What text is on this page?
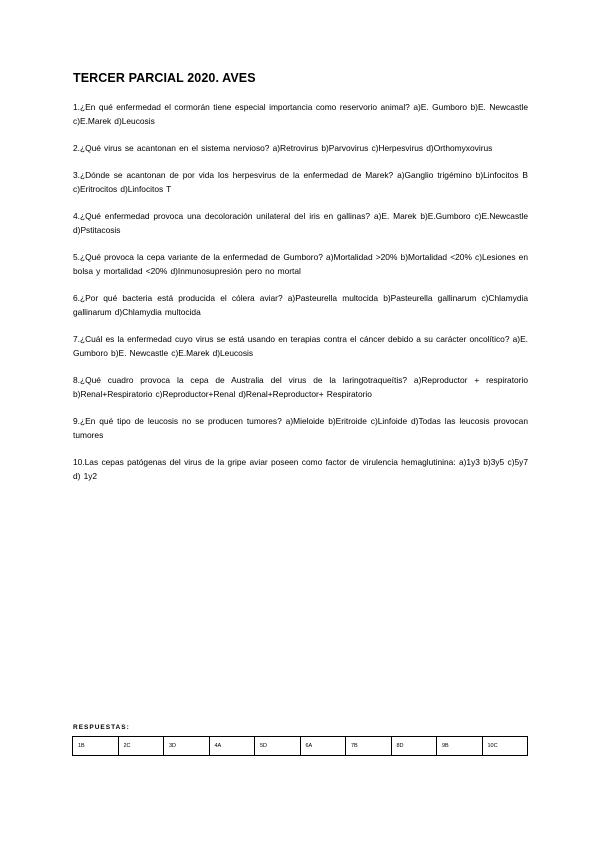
TERCER PARCIAL 2020. AVES

1.¿En qué enfermedad el cormorán tiene especial importancia como reservorio animal? a)E. Gumboro b)E. Newcastle c)E.Marek d)Leucosis

2.¿Qué virus se acantonan en el sistema nervioso? a)Retrovirus b)Parvovirus c)Herpesvirus d)Orthomyxovirus

3.¿Dónde se acantonan de por vida los herpesvirus de la enfermedad de Marek? a)Ganglio trigémino b)Linfocitos B c)Eritrocitos d)Linfocitos T

4.¿Qué enfermedad provoca una decoloración unilateral del iris en gallinas? a)E. Marek b)E.Gumboro c)E.Newcastle d)Pstitacosis

5.¿Qué provoca la cepa variante de la enfermedad de Gumboro? a)Mortalidad >20% b)Mortalidad <20% c)Lesiones en bolsa y mortalidad <20% d)Inmunosupresión pero no mortal

6.¿Por qué bacteria está producida el cólera aviar? a)Pasteurella multocida b)Pasteurella gallinarum c)Chlamydia gallinarum d)Chlamydia multocida

7.¿Cuál es la enfermedad cuyo virus se está usando en terapias contra el cáncer debido a su carácter oncolítico? a)E. Gumboro b)E. Newcastle c)E.Marek d)Leucosis

8.¿Qué cuadro provoca la cepa de Australia del virus de la laringotraqueítis? a)Reproductor + respiratorio b)Renal+Respiratorio c)Reproductor+Renal d)Renal+Reproductor+ Respiratorio

9.¿En qué tipo de leucosis no se producen tumores? a)Mieloide b)Eritroide c)Linfoide d)Todas las leucosis provocan tumores

10.Las cepas patógenas del virus de la gripe aviar poseen como factor de virulencia hemaglutinina: a)1y3 b)3y5 c)5y7 d) 1y2

RESPUESTAS:
1B	2C	3D	4A	5D	6A	7B	8D	9B	10C
